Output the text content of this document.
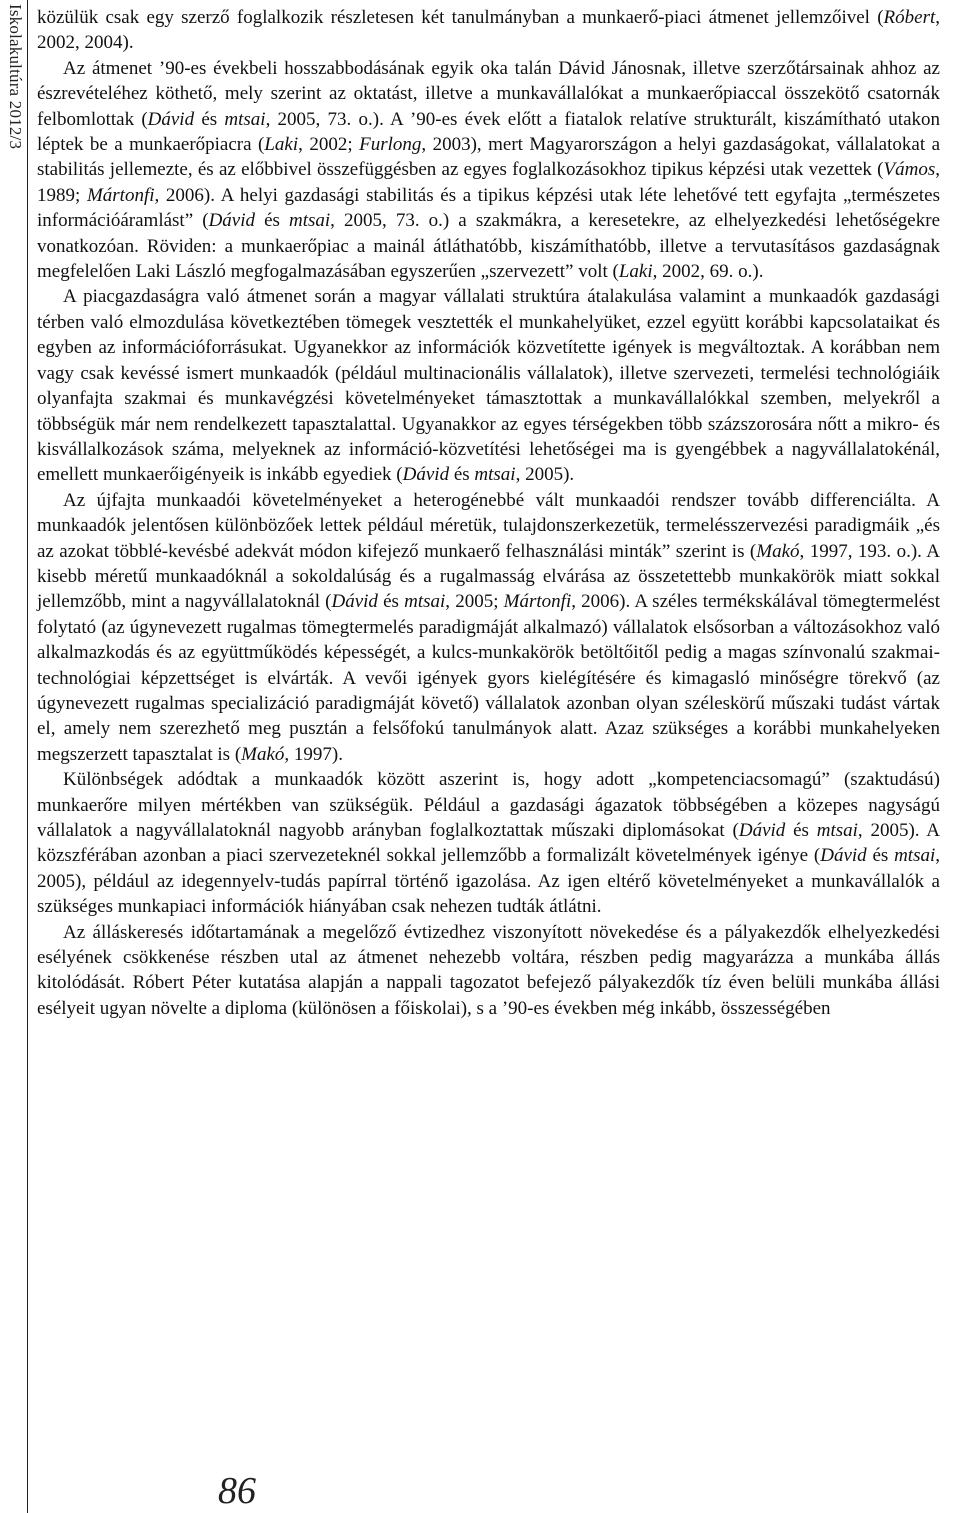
Iskolakultúra 2012/3 közülük csak egy szerző foglalkozik részletesen két tanulmányban a munkaerő-piaci átmenet jellemzőivel (Róbert, 2002, 2004).

Az átmenet ’90-es évekbeli hosszabbodásának egyik oka talán Dávid Jánosnak, illetve szerzőtársainak ahhoz az észrevételéhez köthető, mely szerint az oktatást, illetve a munkavállalókat a munkaerőpiaccal összekötő csatornák felbomlottak (Dávid és mtsai, 2005, 73. o.). A ’90-es évek előtt a fiatalok relatíve strukturált, kiszámítható utakon léptek be a munkaerőpiacra (Laki, 2002; Furlong, 2003), mert Magyarországon a helyi gazdaságokat, vállalatokat a stabilitás jellemezte, és az előbbivel összefüggésben az egyes foglalkozásokhoz tipikus képzési utak vezettek (Vámos, 1989; Mártonfi, 2006). A helyi gazdasági stabilitás és a tipikus képzési utak léte lehetővé tett egyfajta „természetes információáramlást” (Dávid és mtsai, 2005, 73. o.) a szakmákra, a keresetekre, az elhelyezkedési lehetőségekre vonatkozóan. Röviden: a munkaerőpiac a mainál átláthatóbb, kiszámíthatóbb, illetve a tervutasításos gazdaságnak megfelelően Laki László megfogalmazásában egyszerűen „szervezett” volt (Laki, 2002, 69. o.).

A piacgazdaságra való átmenet során a magyar vállalati struktúra átalakulása valamint a munkaadók gazdasági térben való elmozdulása következtében tömegek vesztették el munkahelyüket, ezzel együtt korábbi kapcsolataikat és egyben az információforrásukat. Ugyanekkor az információk közvetítette igények is megváltoztak. A korábban nem vagy csak kevéssé ismert munkaadók (például multinacionális vállalatok), illetve szervezeti, termelési technológiáik olyanfajta szakmai és munkavégzési követelményeket támasztottak a munkavállalókkal szemben, melyekről a többségük már nem rendelkezett tapasztalattal. Ugyanakkor az egyes térségekben több százszorosára nőtt a mikro- és kisvállalkozások száma, melyeknek az információ-közvetítési lehetőségei ma is gyengébbek a nagyvállalatokénál, emellett munkaerőigényeik is inkább egyediek (Dávid és mtsai, 2005).

Az újfajta munkaadói követelményeket a heterogénebbé vált munkaadói rendszer tovább differenciálta. A munkaadók jelentősen különbözőek lettek például méretük, tulajdonszerkezetük, termelésszervezési paradigmáik „és az azokat többlé-kevésbé adekvát módon kifejező munkaerő felhasználási minták” szerint is (Makó, 1997, 193. o.). A kisebb méretű munkaadóknál a sokoldalúság és a rugalmasság elvárása az összetettebb munkakörök miatt sokkal jellemzőbb, mint a nagyvállalatoknál (Dávid és mtsai, 2005; Mártonfi, 2006). A széles termékskálával tömegtermelést folytató (az úgynevezett rugalmas tömegtermelés paradigmáját alkalmazó) vállalatok elsősorban a változásokhoz való alkalmazkodás és az együttműködés képességét, a kulcs-munkakörök betöltőitől pedig a magas színvonalú szakmai-technológiai képzettséget is elvárták. A vevői igények gyors kielégítésére és kimagasló minőségre törekvő (az úgynevezett rugalmas specializáció paradigmáját követő) vállalatok azonban olyan széleskörű műszaki tudást vártak el, amely nem szerezhető meg pusztán a felsőfokú tanulmányok alatt. Azaz szükséges a korábbi munkahelyeken megszerzett tapasztalat is (Makó, 1997).

Különbségek adódtak a munkaadók között aszerint is, hogy adott „kompetenciacsomagú” (szaktudású) munkaerőre milyen mértékben van szükségük. Például a gazdasági ágazatok többségében a közepes nagyságú vállalatok a nagyvállalatoknál nagyobb arányban foglalkoztattak műszaki diplomásokat (Dávid és mtsai, 2005). A közszférában azonban a piaci szervezeteknél sokkal jellemzőbb a formalizált követelmények igénye (Dávid és mtsai, 2005), például az idegennyelv-tudás papírral történő igazolása. Az igen eltérő követelményeket a munkavállalók a szükséges munkapiaci információk hiányában csak nehezen tudták átlátni.

Az álláskeresés időtartamának a megelőző évtizedhez viszonyított növekedése és a pályakezdők elhelyezkedési esélyének csökkenése részben utal az átmenet nehezebb voltára, részben pedig magyarázza a munkába állás kitolódását. Róbert Péter kutatása alapján a nappali tagozatot befejező pályakezdők tíz éven belüli munkába állási esélyeit ugyan növelte a diploma (különösen a főiskolai), s a ’90-es években még inkább, összességében

86
